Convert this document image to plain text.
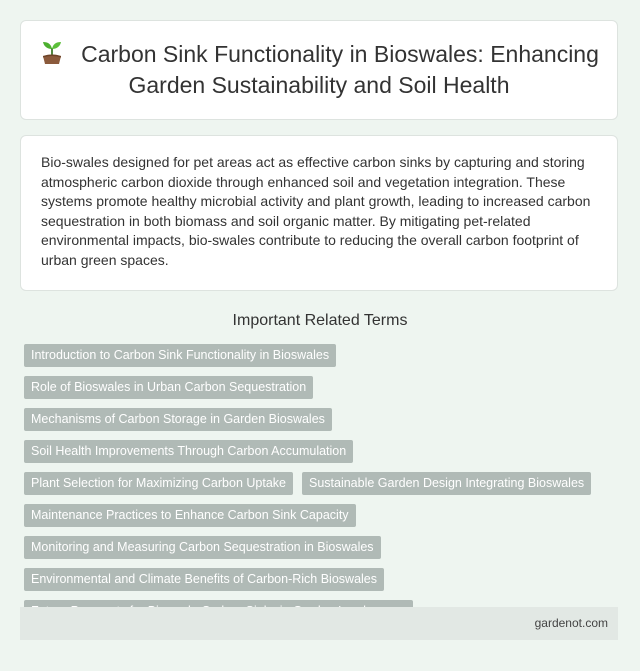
Carbon Sink Functionality in Bioswales: Enhancing Garden Sustainability and Soil Health

Bio-swales designed for pet areas act as effective carbon sinks by capturing and storing atmospheric carbon dioxide through enhanced soil and vegetation integration. These systems promote healthy microbial activity and plant growth, leading to increased carbon sequestration in both biomass and soil organic matter. By mitigating pet-related environmental impacts, bio-swales contribute to reducing the overall carbon footprint of urban green spaces.

Important Related Terms
Introduction to Carbon Sink Functionality in Bioswales
Role of Bioswales in Urban Carbon Sequestration
Mechanisms of Carbon Storage in Garden Bioswales
Soil Health Improvements Through Carbon Accumulation
Plant Selection for Maximizing Carbon Uptake	Sustainable Garden Design Integrating Bioswales
Maintenance Practices to Enhance Carbon Sink Capacity
Monitoring and Measuring Carbon Sequestration in Bioswales
Environmental and Climate Benefits of Carbon-Rich Bioswales
gardenot.com
